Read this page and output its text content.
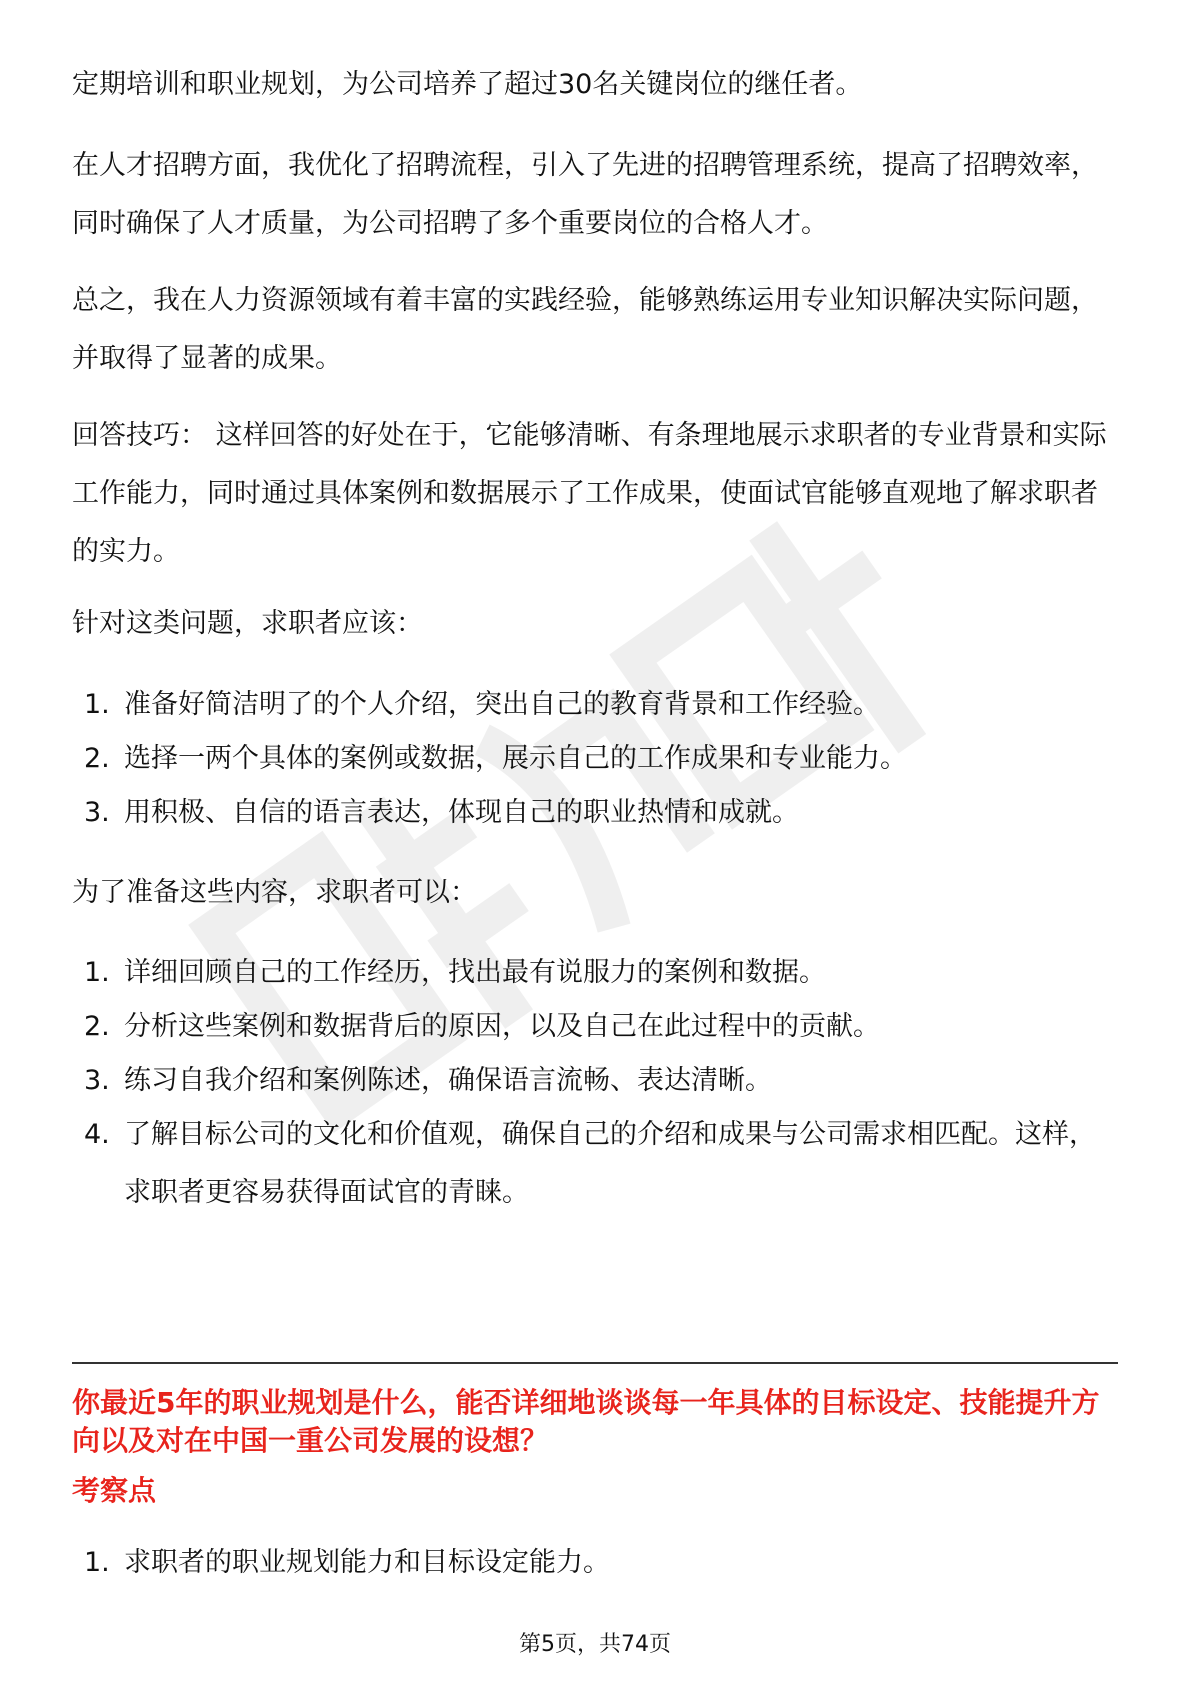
定期培训和职业规划，为公司培养了超过30名关键岗位的继任者。

在人才招聘方面，我优化了招聘流程，引入了先进的招聘管理系统，提高了招聘效率，同时确保了人才质量，为公司招聘了多个重要岗位的合格人才。

总之，我在人力资源领域有着丰富的实践经验，能够熟练运用专业知识解决实际问题，并取得了显著的成果。

回答技巧： 这样回答的好处在于，它能够清晰、有条理地展示求职者的专业背景和实际工作能力，同时通过具体案例和数据展示了工作成果，使面试官能够直观地了解求职者的实力。

针对这类问题，求职者应该：

1. 准备好简洁明了的个人介绍，突出自己的教育背景和工作经验。
2. 选择一两个具体的案例或数据，展示自己的工作成果和专业能力。
3. 用积极、自信的语言表达，体现自己的职业热情和成就。

为了准备这些内容，求职者可以：

1. 详细回顾自己的工作经历，找出最有说服力的案例和数据。
2. 分析这些案例和数据背后的原因，以及自己在此过程中的贡献。
3. 练习自我介绍和案例陈述，确保语言流畅、表达清晰。
4. 了解目标公司的文化和价值观，确保自己的介绍和成果与公司需求相匹配。这样，求职者更容易获得面试官的青睐。

你最近5年的职业规划是什么，能否详细地谈谈每一年具体的目标设定、技能提升方向以及对在中国一重公司发展的设想？

考察点

1. 求职者的职业规划能力和目标设定能力。
第5页，共74页
